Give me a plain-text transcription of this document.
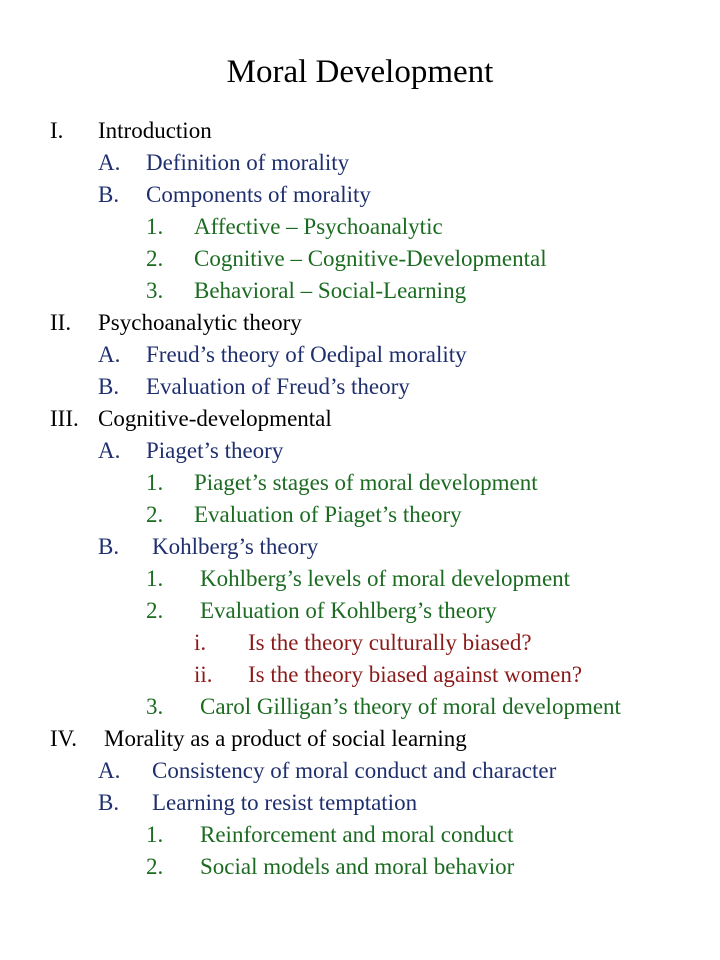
Moral Development
I. Introduction
A. Definition of morality
B. Components of morality
1. Affective – Psychoanalytic
2. Cognitive – Cognitive-Developmental
3. Behavioral – Social-Learning
II. Psychoanalytic theory
A. Freud’s theory of Oedipal morality
B. Evaluation of Freud’s theory
III. Cognitive-developmental
A. Piaget’s theory
1. Piaget’s stages of moral development
2. Evaluation of Piaget’s theory
B. Kohlberg’s theory
1. Kohlberg’s levels of moral development
2. Evaluation of Kohlberg’s theory
i. Is the theory culturally biased?
ii. Is the theory biased against women?
3. Carol Gilligan’s theory of moral development
IV. Morality as a product of social learning
A. Consistency of moral conduct and character
B. Learning to resist temptation
1. Reinforcement and moral conduct
2. Social models and moral behavior
